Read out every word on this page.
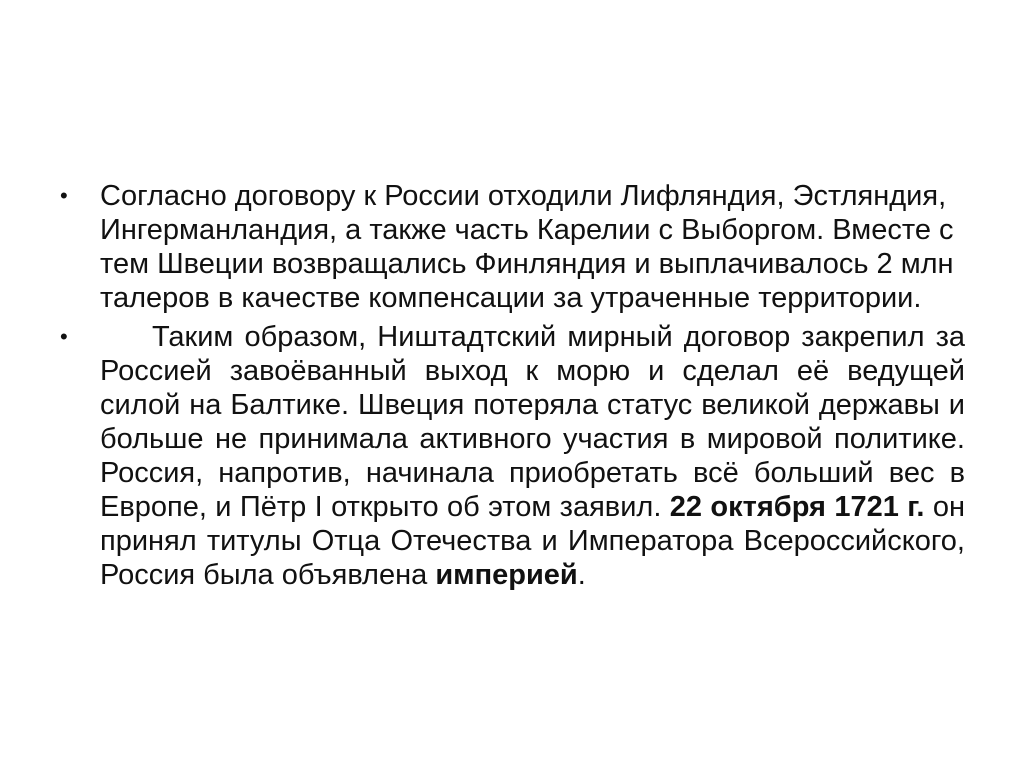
•	Согласно договору к России отходили Лифляндия, Эстляндия, Ингерманландия, а также часть Карелии с Выборгом. Вместе с тем Швеции возвращались Финляндия и выплачивалось 2 млн талеров в качестве компенсации за утраченные территории.

•	Таким образом, Ништадтский мирный договор закрепил за Россией завоёванный выход к морю и сделал её ведущей силой на Балтике. Швеция потеряла статус великой державы и больше не принимала активного участия в мировой политике. Россия, напротив, начинала приобретать всё больший вес в Европе, и Пётр I открыто об этом заявил. 22 октября 1721 г. он принял титулы Отца Отечества и Императора Всероссийского, Россия была объявлена империей.
